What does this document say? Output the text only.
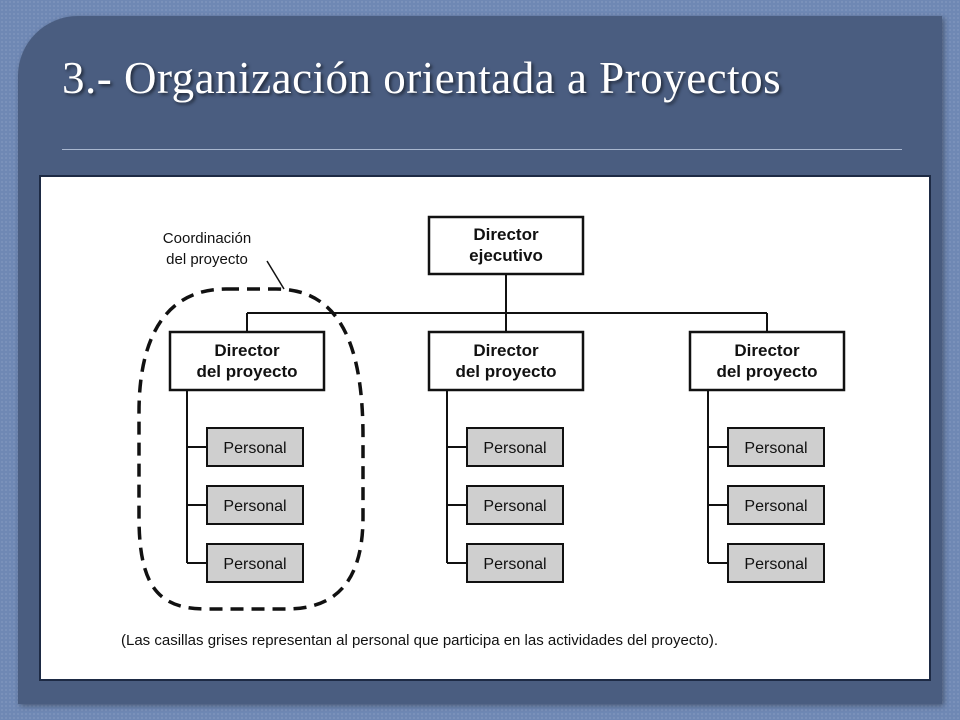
3.- Organización orientada a Proyectos
Director
ejecutivo
Director
del proyecto
Director
del proyecto
Director
del proyecto
Personal
Personal
Personal
Personal
Personal
Personal
Personal
Personal
Personal
Coordinación
del proyecto
(Las casillas grises representan al personal que participa en las actividades del proyecto).
